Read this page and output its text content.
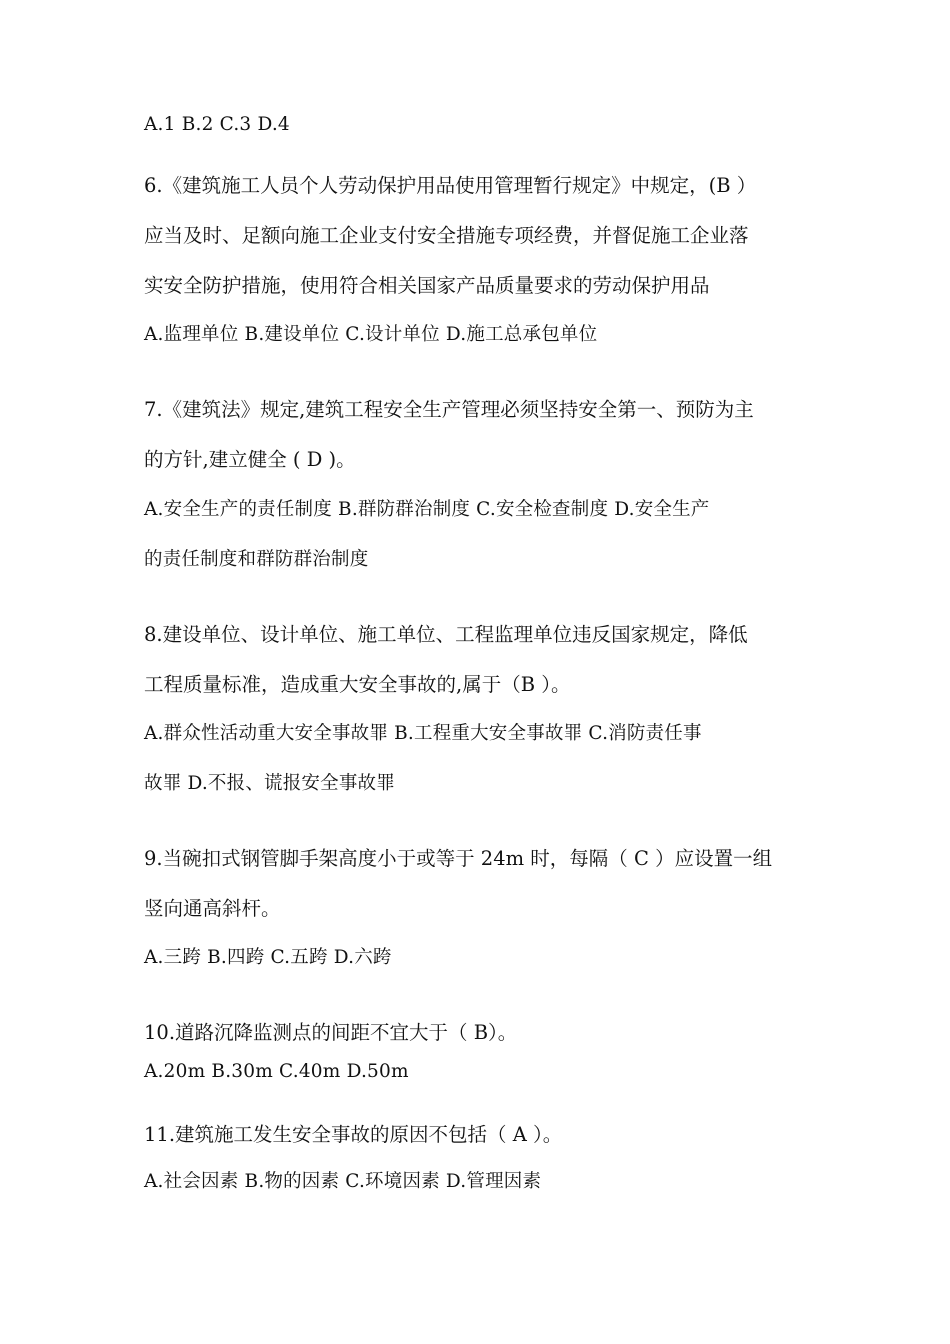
A.1 B.2 C.3 D.4
6.《建筑施工人员个人劳动保护用品使用管理暂行规定》中规定，(B ）
应当及时、足额向施工企业支付安全措施专项经费，并督促施工企业落
实安全防护措施，使用符合相关国家产品质量要求的劳动保护用品
A.监理单位 B.建设单位 C.设计单位 D.施工总承包单位
7.《建筑法》规定,建筑工程安全生产管理必须坚持安全第一、预防为主
的方针,建立健全 ( D )。
A.安全生产的责任制度 B.群防群治制度 C.安全检查制度 D.安全生产
的责任制度和群防群治制度
8.建设单位、设计单位、施工单位、工程监理单位违反国家规定，降低
工程质量标准，造成重大安全事故的,属于（B ）。
A.群众性活动重大安全事故罪 B.工程重大安全事故罪 C.消防责任事
故罪 D.不报、谎报安全事故罪
9.当碗扣式钢管脚手架高度小于或等于 24m 时，每隔（ C ）应设置一组
竖向通高斜杆。
A.三跨 B.四跨 C.五跨 D.六跨
10.道路沉降监测点的间距不宜大于（ B）。
A.20m B.30m C.40m D.50m
11.建筑施工发生安全事故的原因不包括（ A ）。
A.社会因素 B.物的因素 C.环境因素 D.管理因素
